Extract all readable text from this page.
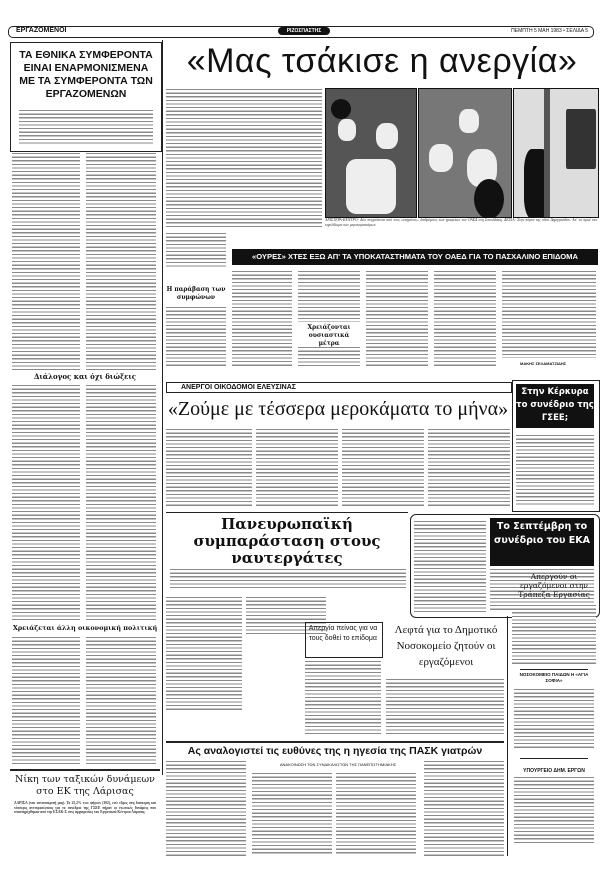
ΕΡΓΑΖΟΜΕΝΟΙ	ΡΙΖΟΣΠΑΣΤΗΣ	ΠΕΜΠΤΗ 5 ΜΑΗ 1983 • ΣΕΛΙΔΑ 5
ΤΑ ΕΘΝΙΚΑ ΣΥΜΦΕΡΟΝΤΑ ΕΙΝΑΙ ΕΝΑΡΜΟΝΙΣΜΕΝΑ ΜΕ ΤΑ ΣΥΜΦΕΡΟΝΤΑ ΤΩΝ ΕΡΓΑΖΟΜΕΝΩΝ
Διάλογος και όχι διώξεις
Χρειάζεται άλλη οικονομική πολιτική
Νίκη των ταξικών δυνάμεων στο ΕΚ της Λάρισας
ΛΑΡΙΣΑ (του ανταποκριτή μας). Το 25,2% των ψήφων (302), ενώ έδρες στη διοίκηση και τέσσερις αντιπροσώπους για το συνέδριο της ΓΣΕΕ πήραν οι ενωτικές δυνάμεις που υποστηρίχθηκαν από την ΕΣΑΚ-Σ στις αρχαιρεσίες του Εργατικού Κέντρου Λάρισας.
«Μας τσάκισε η ανεργία»
ΑΡΙΣΤΕΡΑ-ΚΕΝΤΡΟ: Δύο στιγμιότυπα από τους «επηρέους» διαδρόμους των γραφείων του ΟΑΕΔ στη Σπουδλάκη. ΔΕΞΙΑ: Στην πόρτα της οδού Δημητριάδου. Απ' το πρωί στο κιγκλίδωμα των μεροκαματιάρων.
«ΟΥΡΕΣ» ΧΤΕΣ ΕΞΩ ΑΠ' ΤΑ ΥΠΟΚΑΤΑΣΤΗΜΑΤΑ ΤΟΥ ΟΑΕΔ ΓΙΑ ΤΟ ΠΑΣΧΑΛΙΝΟ ΕΠΙΔΟΜΑ
Η παράβαση των συμφώνων
Χρειάζονται ουσιαστικά μέτρα
ΜΑΚΗΣ ΣΕΛΑΜΑΤΖΙΔΗΣ
ΑΝΕΡΓΟΙ ΟΙΚΟΔΟΜΟΙ ΕΛΕΥΣΙΝΑΣ
«Ζούμε με τέσσερα μεροκάματα το μήνα»
Στην Κέρκυρα το συνέδριο της ΓΣΕΕ;
Πανευρωπαϊκή συμπαράσταση στους ναυτεργάτες
Το Σεπτέμβρη το συνέδριο του ΕΚΑ
Απεργία πείνας για να τους δοθεί το επίδομα
Λεφτά για το Δημοτικό Νοσοκομείο ζητούν οι εργαζόμενοι
Απεργούν οι εργαζόμενοι στην Τράπεζα Εργασίας
ΝΟΣΟΚΟΜΕΙΟ ΠΑΙΔΩΝ Η «ΑΓΙΑ ΣΟΦΙΑ»
ΥΠΟΥΡΓΕΙΟ ΔΗΜ. ΕΡΓΩΝ
Ας αναλογιστεί τις ευθύνες της η ηγεσία της ΠΑΣΚ γιατρών
ΑΝΑΚΟΙΝΩΣΗ ΤΩΝ ΣΥΝΔΙΚΑΛΙΣΤΩΝ ΤΗΣ ΠΑΝΕΠΙΣΤΗΜΙΑΚΗΣ
